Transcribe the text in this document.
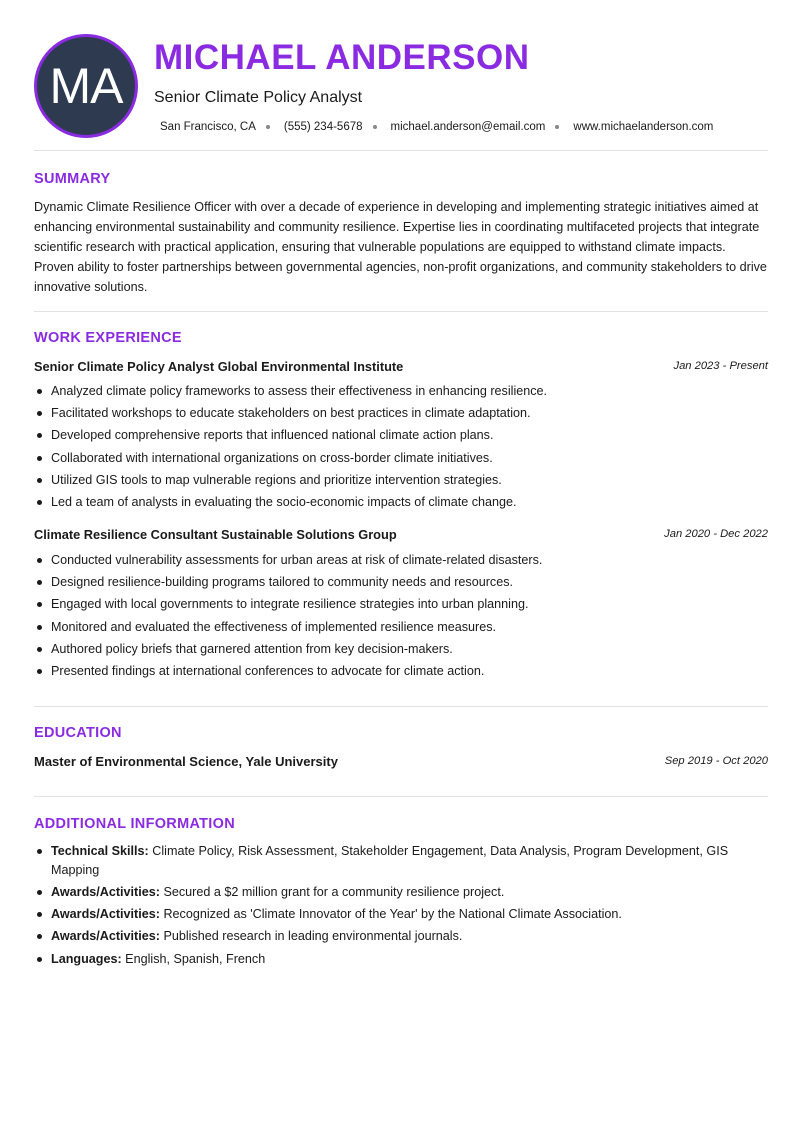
MA
MICHAEL ANDERSON
Senior Climate Policy Analyst
San Francisco, CA (555) 234-5678 michael.anderson@email.com www.michaelanderson.com
SUMMARY
Dynamic Climate Resilience Officer with over a decade of experience in developing and implementing strategic initiatives aimed at enhancing environmental sustainability and community resilience. Expertise lies in coordinating multifaceted projects that integrate scientific research with practical application, ensuring that vulnerable populations are equipped to withstand climate impacts. Proven ability to foster partnerships between governmental agencies, non-profit organizations, and community stakeholders to drive innovative solutions.
WORK EXPERIENCE
Senior Climate Policy Analyst Global Environmental Institute	Jan 2023 - Present
Analyzed climate policy frameworks to assess their effectiveness in enhancing resilience.
Facilitated workshops to educate stakeholders on best practices in climate adaptation.
Developed comprehensive reports that influenced national climate action plans.
Collaborated with international organizations on cross-border climate initiatives.
Utilized GIS tools to map vulnerable regions and prioritize intervention strategies.
Led a team of analysts in evaluating the socio-economic impacts of climate change.
Climate Resilience Consultant Sustainable Solutions Group	Jan 2020 - Dec 2022
Conducted vulnerability assessments for urban areas at risk of climate-related disasters.
Designed resilience-building programs tailored to community needs and resources.
Engaged with local governments to integrate resilience strategies into urban planning.
Monitored and evaluated the effectiveness of implemented resilience measures.
Authored policy briefs that garnered attention from key decision-makers.
Presented findings at international conferences to advocate for climate action.
EDUCATION
Master of Environmental Science, Yale University	Sep 2019 - Oct 2020
ADDITIONAL INFORMATION
Technical Skills: Climate Policy, Risk Assessment, Stakeholder Engagement, Data Analysis, Program Development, GIS Mapping
Awards/Activities: Secured a $2 million grant for a community resilience project.
Awards/Activities: Recognized as 'Climate Innovator of the Year' by the National Climate Association.
Awards/Activities: Published research in leading environmental journals.
Languages: English, Spanish, French
